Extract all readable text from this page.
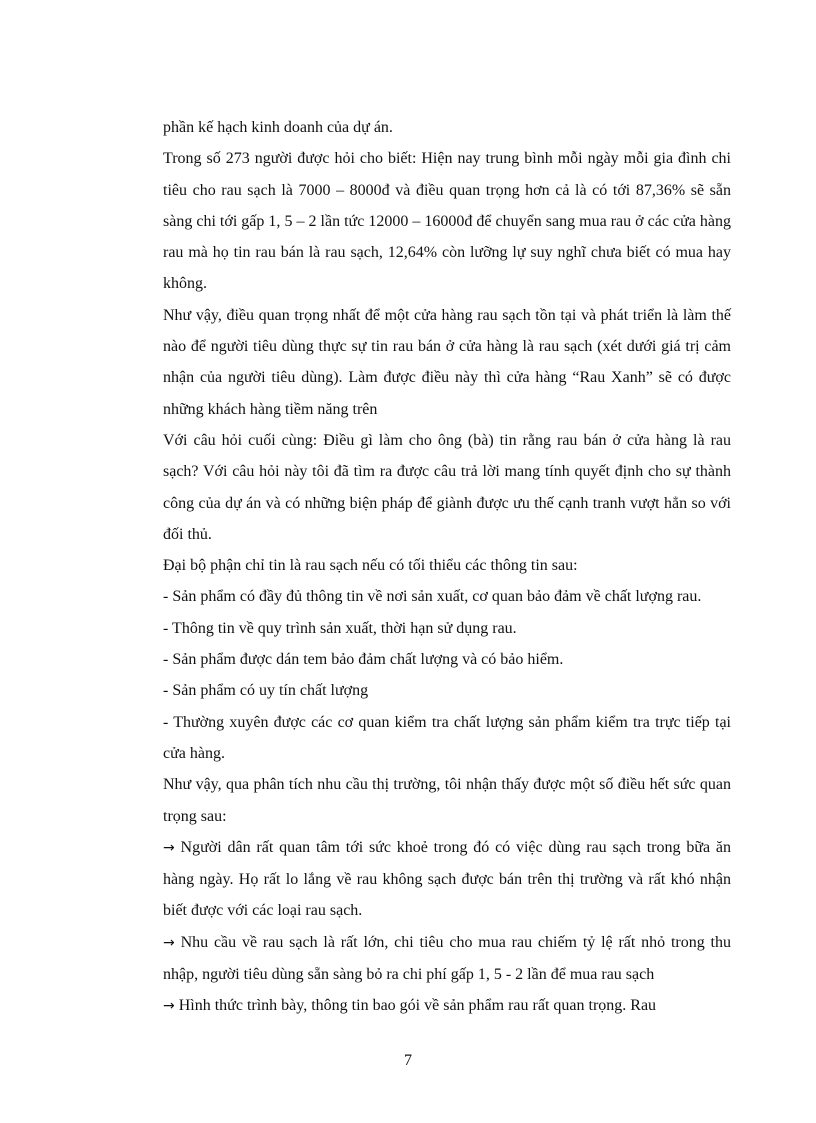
phần kế hạch kinh doanh của dự án.

Trong số 273 người được hỏi cho biết: Hiện nay trung bình mỗi ngày mỗi gia đình chi tiêu cho rau sạch là 7000 – 8000đ và điều quan trọng hơn cả là có tới 87,36% sẽ sẵn sàng chi tới gấp 1, 5 – 2 lần tức 12000 – 16000đ để chuyển sang mua rau ở các cửa hàng rau mà họ tin rau bán là rau sạch, 12,64% còn lưỡng lự suy nghĩ chưa biết có mua hay không.

Như vậy, điều quan trọng nhất để một cửa hàng rau sạch tồn tại và phát triển là làm thế nào để người tiêu dùng thực sự tin rau bán ở cửa hàng là rau sạch (xét dưới giá trị cảm nhận của người tiêu dùng). Làm được điều này thì cửa hàng “Rau Xanh” sẽ có được những khách hàng tiềm năng trên

Với câu hỏi cuối cùng: Điều gì làm cho ông (bà) tin rằng rau bán ở cửa hàng là rau sạch? Với câu hỏi này tôi đã tìm ra được câu trả lời mang tính quyết định cho sự thành công của dự án và có những biện pháp để giành được ưu thế cạnh tranh vượt hẳn so với đối thủ.

Đại bộ phận chỉ tin là rau sạch nếu có tối thiểu các thông tin sau:

- Sản phẩm có đầy đủ thông tin về nơi sản xuất, cơ quan bảo đảm về chất lượng rau.

- Thông tin về quy trình sản xuất, thời hạn sử dụng rau.

- Sản phẩm được dán tem bảo đảm chất lượng và có bảo hiểm.

- Sản phẩm có uy tín chất lượng

- Thường xuyên được các cơ quan kiểm tra chất lượng sản phẩm kiểm tra trực tiếp tại cửa hàng.

Như vậy, qua phân tích nhu cầu thị trường, tôi nhận thấy được một số điều hết sức quan trọng sau:

→ Người dân rất quan tâm tới sức khoẻ trong đó có việc dùng rau sạch trong bữa ăn hàng ngày. Họ rất lo lắng về rau không sạch được bán trên thị trường và rất khó nhận biết được với các loại rau sạch.

→ Nhu cầu về rau sạch là rất lớn, chi tiêu cho mua rau chiếm tỷ lệ rất nhỏ trong thu nhập, người tiêu dùng sẵn sàng bỏ ra chi phí gấp 1, 5 - 2 lần để mua rau sạch

→ Hình thức trình bày, thông tin bao gói về sản phẩm rau rất quan trọng. Rau

7
